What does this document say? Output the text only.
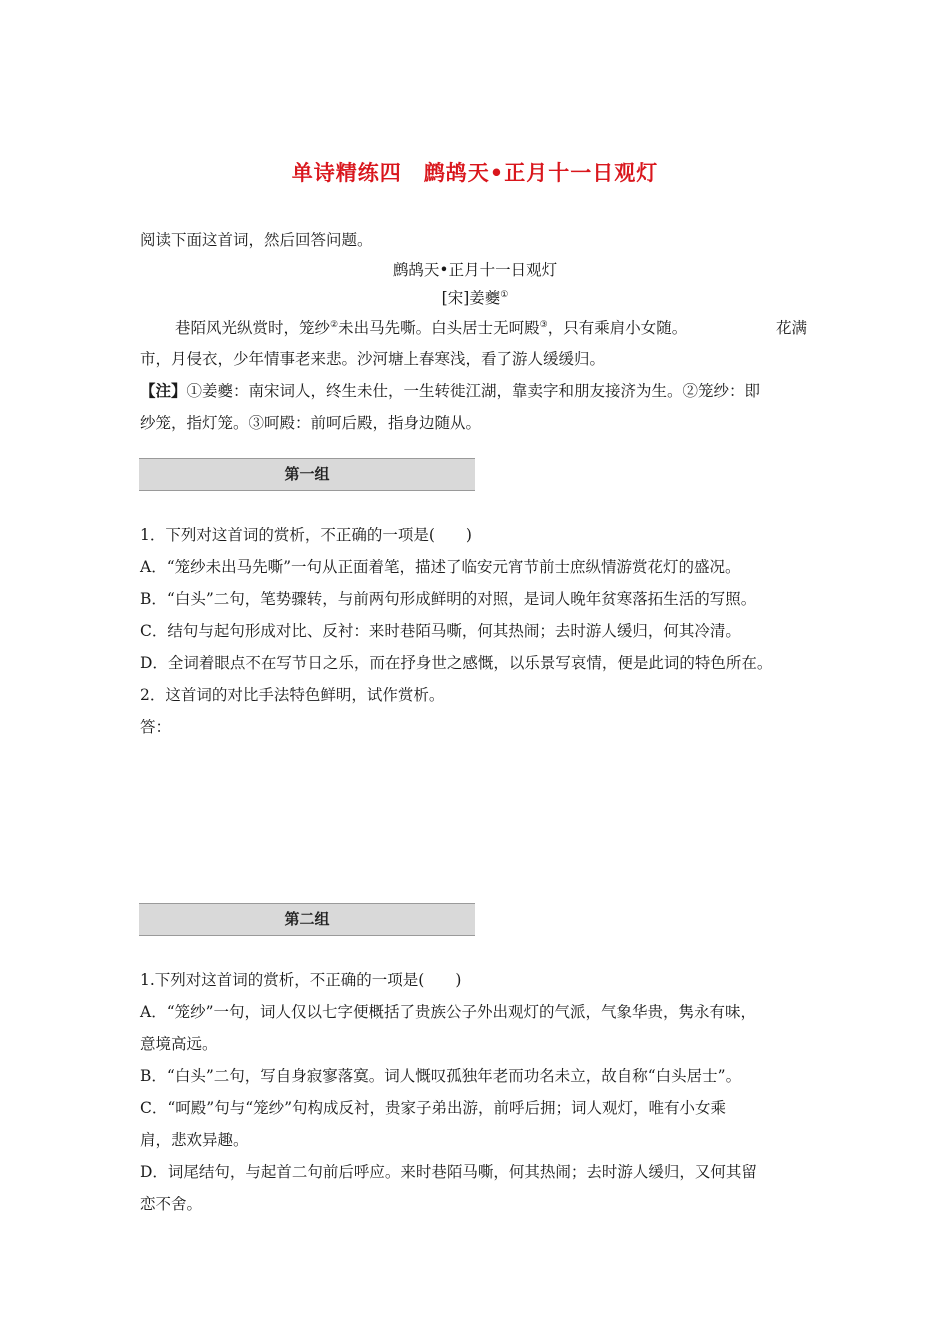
单诗精练四　鹧鸪天•正月十一日观灯
阅读下面这首词，然后回答问题。
鹧鸪天•正月十一日观灯
[宋]姜夔①
巷陌风光纵赏时，笼纱②未出马先嘶。白头居士无呵殿③，只有乘肩小女随。	花满
市，月侵衣，少年情事老来悲。沙河塘上春寒浅，看了游人缓缓归。
【注】①姜夔：南宋词人，终生未仕，一生转徙江湖，靠卖字和朋友接济为生。②笼纱：即
纱笼，指灯笼。③呵殿：前呵后殿，指身边随从。
第一组
1．下列对这首词的赏析，不正确的一项是(　　)
A．“笼纱未出马先嘶”一句从正面着笔，描述了临安元宵节前士庶纵情游赏花灯的盛况。
B．“白头”二句，笔势骤转，与前两句形成鲜明的对照，是词人晚年贫寒落拓生活的写照。
C．结句与起句形成对比、反衬：来时巷陌马嘶，何其热闹；去时游人缓归，何其冷清。
D．全词着眼点不在写节日之乐，而在抒身世之感慨，以乐景写哀情，便是此词的特色所在。
2．这首词的对比手法特色鲜明，试作赏析。
答：
第二组
1.下列对这首词的赏析，不正确的一项是(　　)
A．“笼纱”一句，词人仅以七字便概括了贵族公子外出观灯的气派，气象华贵，隽永有味，
意境高远。
B．“白头”二句，写自身寂寥落寞。词人慨叹孤独年老而功名未立，故自称“白头居士”。
C．“呵殿”句与“笼纱”句构成反衬，贵家子弟出游，前呼后拥；词人观灯，唯有小女乘
肩，悲欢异趣。
D．词尾结句，与起首二句前后呼应。来时巷陌马嘶，何其热闹；去时游人缓归，又何其留
恋不舍。
